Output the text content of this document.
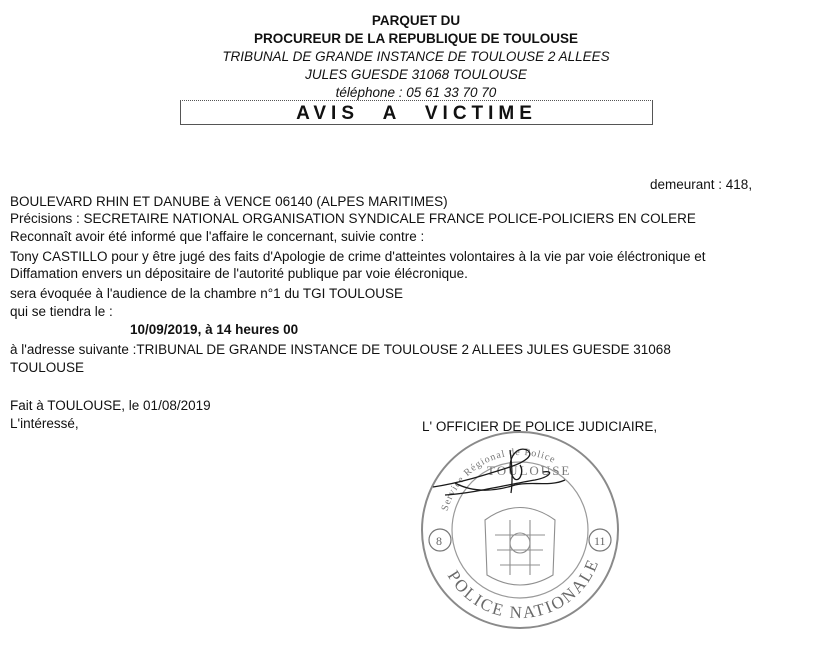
PARQUET DU
PROCUREUR DE LA REPUBLIQUE DE TOULOUSE
TRIBUNAL DE GRANDE INSTANCE DE TOULOUSE 2 ALLEES
JULES GUESDE 31068 TOULOUSE
téléphone : 05 61 33 70 70
AVIS A VICTIME
demeurant : 418,
BOULEVARD RHIN ET DANUBE à VENCE 06140 (ALPES MARITIMES)
Précisions : SECRETAIRE NATIONAL ORGANISATION SYNDICALE FRANCE POLICE-POLICIERS EN COLERE
Reconnaît avoir été informé que l'affaire le concernant, suivie contre :
Tony CASTILLO pour y être jugé des faits d'Apologie de crime d'atteintes volontaires à la vie par voie éléctronique et
Diffamation envers un dépositaire de l'autorité publique par voie élécronique.
sera évoquée à l'audience de la chambre n°1 du TGI TOULOUSE
qui se tiendra le :
10/09/2019, à 14 heures 00
à l'adresse suivante :TRIBUNAL DE GRANDE INSTANCE DE TOULOUSE 2 ALLEES JULES GUESDE 31068
TOULOUSE
Fait à TOULOUSE, le 01/08/2019
L'intéressé,	L' OFFICIER DE POLICE JUDICIAIRE,
Service Régional de Police
TOULOUSE
POLICE NATIONALE
8	11
